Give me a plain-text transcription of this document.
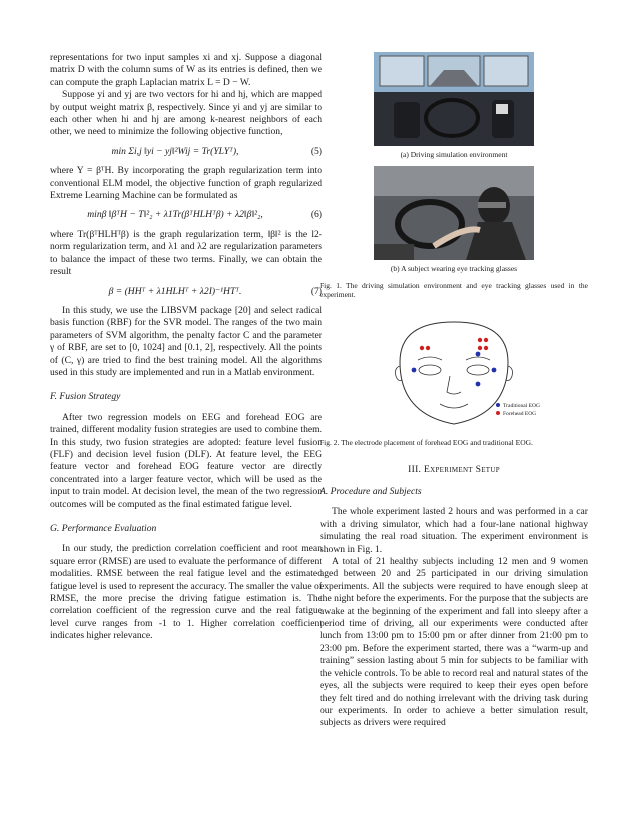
representations for two input samples xi and xj. Suppose a diagonal matrix D with the column sums of W as its entries is defined, then we can compute the graph Laplacian matrix L = D − W.

Suppose yi and yj are two vectors for hi and hj, which are mapped by output weight matrix β, respectively. Since yi and yj are similar to each other when hi and hj are among k-nearest neighbors of each other, we need to minimize the following objective function,

min Σi,j ‖yi − yj‖²Wij = Tr(YLYᵀ),	(5)

where Y = βᵀH. By incorporating the graph regularization term into conventional ELM model, the objective function of graph regularized Extreme Learning Machine can be formulated as

minβ ‖βᵀH − T‖²₂ + λ1Tr(βᵀHLHᵀβ) + λ2‖β‖²₂,	(6)

where Tr(βᵀHLHᵀβ) is the graph regularization term, ‖β‖² is the l2-norm regularization term, and λ1 and λ2 are regularization parameters to balance the impact of these two terms. Finally, we can obtain the result

β = (HHᵀ + λ1HLHᵀ + λ2I)⁻¹HTᵀ.	(7)

In this study, we use the LIBSVM package [20] and select radical basis function (RBF) for the SVR model. The ranges of the two main parameters of SVM algorithm, the penalty factor C and the parameter γ of RBF, are set to [0, 1024] and [0.1, 2], respectively. All the points of (C, γ) are tried to find the best training model. All the algorithms used in this study are implemented and run in a Matlab environment.

F. Fusion Strategy

After two regression models on EEG and forehead EOG are trained, different modality fusion strategies are used to combine them. In this study, two fusion strategies are adopted: feature level fusion (FLF) and decision level fusion (DLF). At feature level, the EEG feature vector and forehead EOG feature vector are directly concentrated into a larger feature vector, which will be used as the input to train model. At decision level, the mean of the two regression outcomes will be computed as the final estimated fatigue level.

G. Performance Evaluation

In our study, the prediction correlation coefficient and root mean square error (RMSE) are used to evaluate the performance of different modalities. RMSE between the real fatigue level and the estimated fatigue level is used to represent the accuracy. The smaller the value of RMSE, the more precise the driving fatigue estimation is. The correlation coefficient of the regression curve and the real fatigue level curve ranges from -1 to 1. Higher correlation coefficient indicates higher relevance.

(a) Driving simulation environment
(b) A subject wearing eye tracking glasses

Fig. 1. The driving simulation environment and eye tracking glasses used in the experiment.

Traditional EOG
Forehead EOG

Fig. 2. The electrode placement of forehead EOG and traditional EOG.

III. Experiment Setup
A. Procedure and Subjects

The whole experiment lasted 2 hours and was performed in a car with a driving simulator, which had a four-lane national highway simulating the real road situation. The experiment environment is shown in Fig. 1.

A total of 21 healthy subjects including 12 men and 9 women aged between 20 and 25 participated in our driving simulation experiments. All the subjects were required to have enough sleep at the night before the experiments. For the purpose that the subjects are awake at the beginning of the experiment and fall into sleepy after a period time of driving, all our experiments were conducted after lunch from 13:00 pm to 15:00 pm or after dinner from 21:00 pm to 23:00 pm. Before the experiment started, there was a “warm-up and training” session lasting about 5 min for subjects to be familiar with the vehicle controls. To be able to record real and natural states of the eyes, all the subjects were required to keep their eyes open before they felt tired and do nothing irrelevant with the driving task during our experiments. In order to achieve a better simulation result, subjects as drivers were required
